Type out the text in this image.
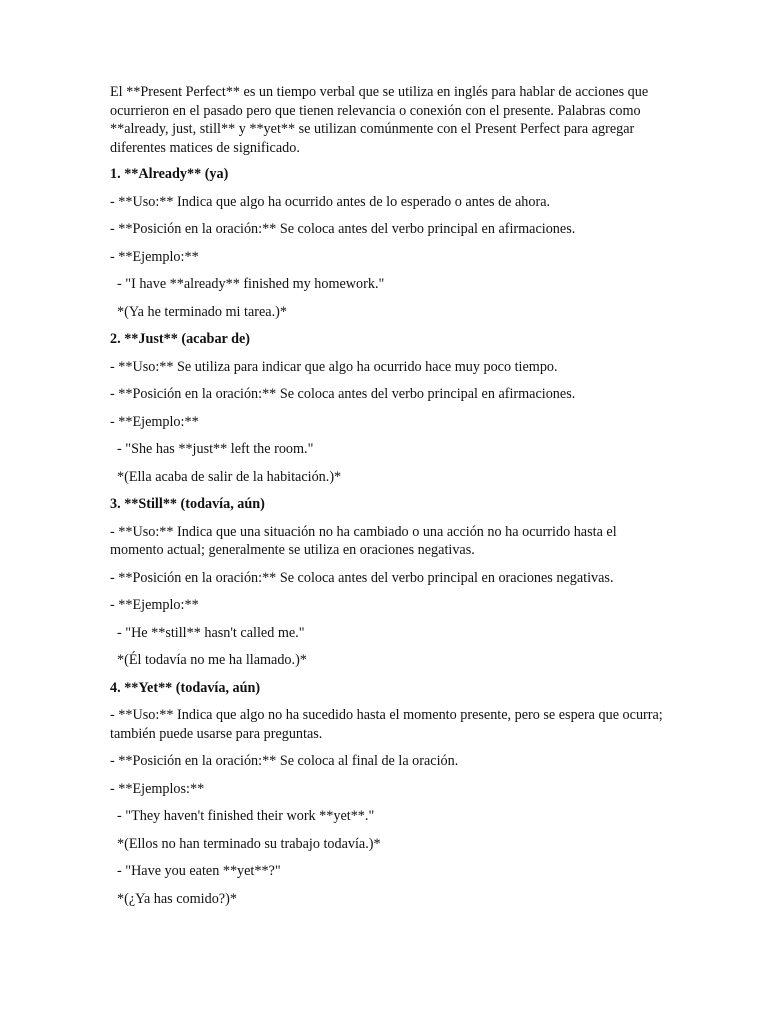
El **Present Perfect** es un tiempo verbal que se utiliza en inglés para hablar de acciones que ocurrieron en el pasado pero que tienen relevancia o conexión con el presente. Palabras como **already, just, still** y **yet** se utilizan comúnmente con el Present Perfect para agregar diferentes matices de significado.

1. **Already** (ya)

- **Uso:** Indica que algo ha ocurrido antes de lo esperado o antes de ahora.

- **Posición en la oración:** Se coloca antes del verbo principal en afirmaciones.

- **Ejemplo:**

- "I have **already** finished my homework."

*(Ya he terminado mi tarea.)*

2. **Just** (acabar de)

- **Uso:** Se utiliza para indicar que algo ha ocurrido hace muy poco tiempo.

- **Posición en la oración:** Se coloca antes del verbo principal en afirmaciones.

- **Ejemplo:**

- "She has **just** left the room."

*(Ella acaba de salir de la habitación.)*

3. **Still** (todavía, aún)

- **Uso:** Indica que una situación no ha cambiado o una acción no ha ocurrido hasta el momento actual; generalmente se utiliza en oraciones negativas.

- **Posición en la oración:** Se coloca antes del verbo principal en oraciones negativas.

- **Ejemplo:**

- "He **still** hasn't called me."

*(Él todavía no me ha llamado.)*

4. **Yet** (todavía, aún)

- **Uso:** Indica que algo no ha sucedido hasta el momento presente, pero se espera que ocurra; también puede usarse para preguntas.

- **Posición en la oración:** Se coloca al final de la oración.

- **Ejemplos:**

- "They haven't finished their work **yet**."

*(Ellos no han terminado su trabajo todavía.)*

- "Have you eaten **yet**?"

*(¿Ya has comido?)*
